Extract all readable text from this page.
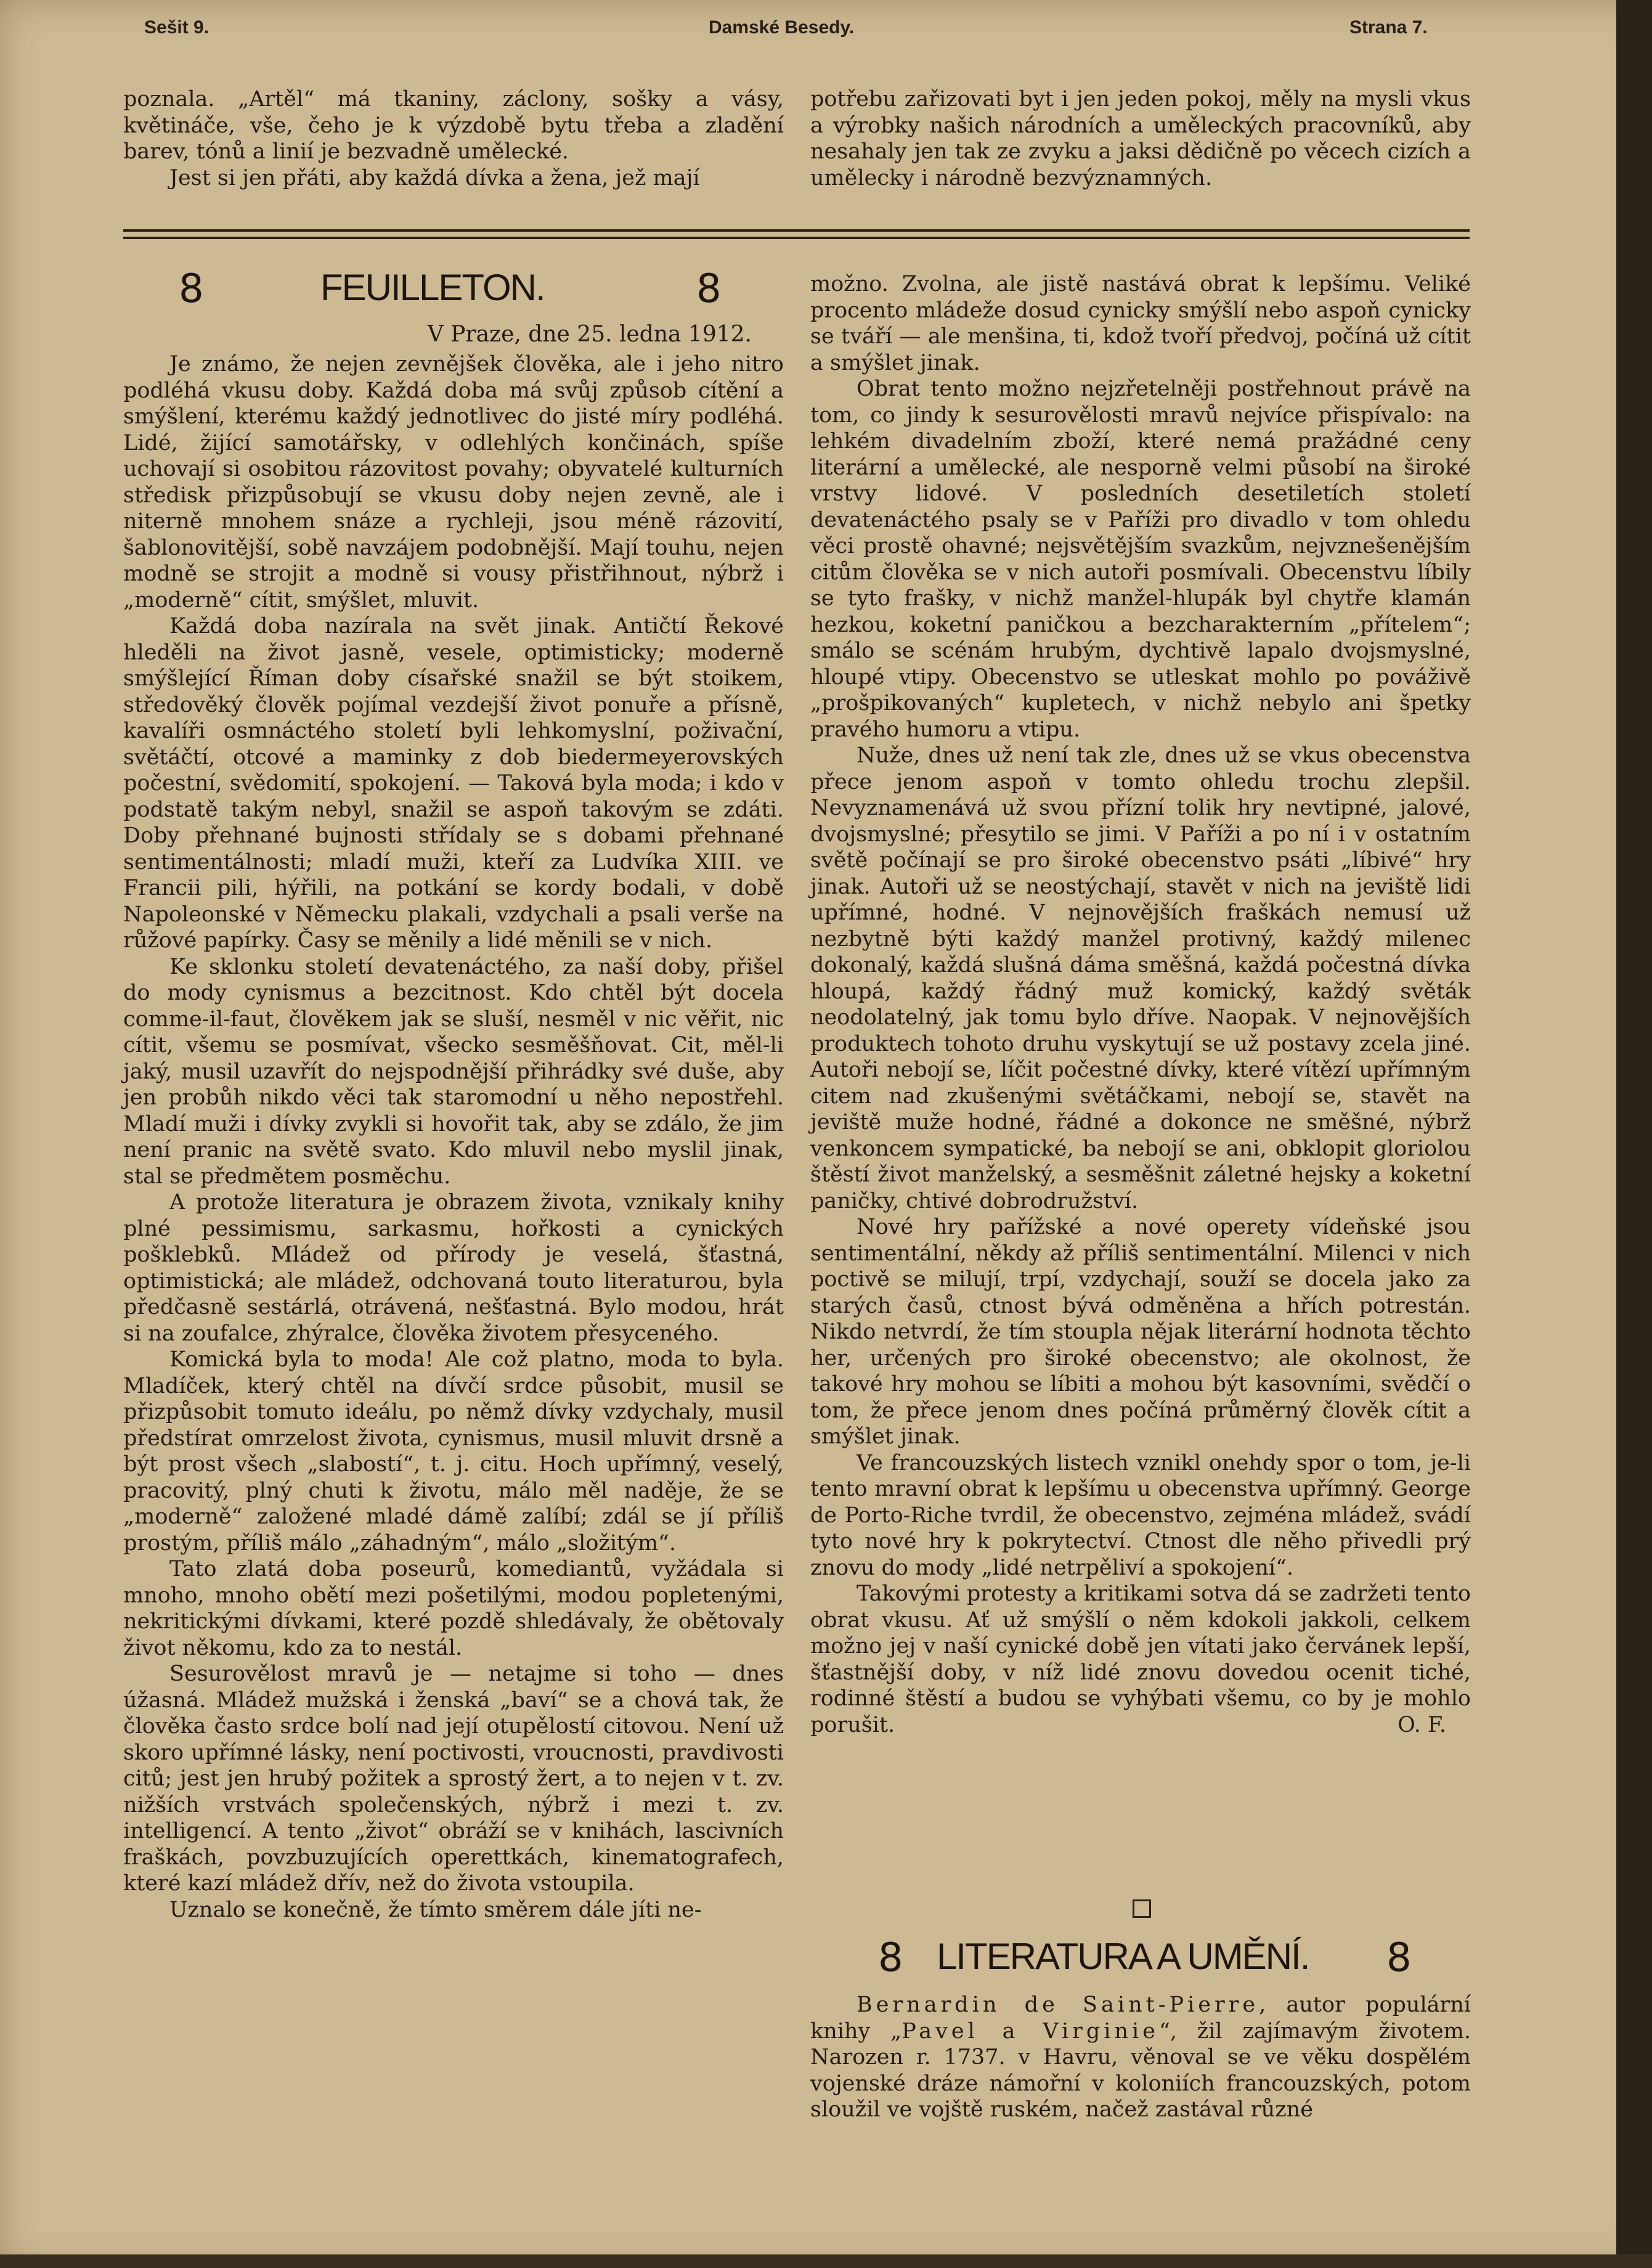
Sešit 9.	Damské Besedy.	Strana 7.

poznala. „Artěl“ má tkaniny, záclony, sošky a vásy, květináče, vše, čeho je k výzdobě bytu třeba a zladění barev, tónů a linií je bezvadně umělecké.

Jest si jen přáti, aby každá dívka a žena, jež mají

potřebu zařizovati byt i jen jeden pokoj, měly na mysli vkus a výrobky našich národních a uměleckých pracovníků, aby nesahaly jen tak ze zvyku a jaksi dědičně po věcech cizích a umělecky i národně bezvýznamných.

8	FEUILLETON.	8
V Praze, dne 25. ledna 1912.

Je známo, že nejen zevnějšek člověka, ale i jeho nitro podléhá vkusu doby. Každá doba má svůj způsob cítění a smýšlení, kterému každý jednotlivec do jisté míry podléhá. Lidé, žijící samotářsky, v odlehlých končinách, spíše uchovají si osobitou rázovitost povahy; obyvatelé kulturních středisk přizpůsobují se vkusu doby nejen zevně, ale i niterně mnohem snáze a rychleji, jsou méně rázovití, šablonovitější, sobě navzájem podobnější. Mají touhu, nejen modně se strojit a modně si vousy přistřihnout, nýbrž i „moderně“ cítit, smýšlet, mluvit.

Každá doba nazírala na svět jinak. Antičtí Řekové hleděli na život jasně, vesele, optimisticky; moderně smýšlející Říman doby císařské snažil se být stoikem, středověký člověk pojímal vezdejší život ponuře a přísně, kavalíři osmnáctého století byli lehkomyslní, poživační, světáčtí, otcové a maminky z dob biedermeyerovských počestní, svědomití, spokojení. — Taková byla moda; i kdo v podstatě takým nebyl, snažil se aspoň takovým se zdáti. Doby přehnané bujnosti střídaly se s dobami přehnané sentimentálnosti; mladí muži, kteří za Ludvíka XIII. ve Francii pili, hýřili, na potkání se kordy bodali, v době Napoleonské v Německu plakali, vzdychali a psali verše na růžové papírky. Časy se měnily a lidé měnili se v nich.

Ke sklonku století devatenáctého, za naší doby, přišel do mody cynismus a bezcitnost. Kdo chtěl být docela comme-il-faut, člověkem jak se sluší, nesměl v nic věřit, nic cítit, všemu se posmívat, všecko sesměšňovat. Cit, měl-li jaký, musil uzavřít do nejspodnější přihrádky své duše, aby jen probůh nikdo věci tak staromodní u něho nepostřehl. Mladí muži i dívky zvykli si hovořit tak, aby se zdálo, že jim není pranic na světě svato. Kdo mluvil nebo myslil jinak, stal se předmětem posměchu.

A protože literatura je obrazem života, vznikaly knihy plné pessimismu, sarkasmu, hořkosti a cynických pošklebků. Mládež od přírody je veselá, šťastná, optimistická; ale mládež, odchovaná touto literaturou, byla předčasně sestárlá, otrávená, nešťastná. Bylo modou, hrát si na zoufalce, zhýralce, člověka životem přesyceného.

Komická byla to moda! Ale což platno, moda to byla. Mladíček, který chtěl na dívčí srdce působit, musil se přizpůsobit tomuto ideálu, po němž dívky vzdychaly, musil předstírat omrzelost života, cynismus, musil mluvit drsně a být prost všech „slabostí“, t. j. citu. Hoch upřímný, veselý, pracovitý, plný chuti k životu, málo měl naděje, že se „moderně“ založené mladé dámě zalíbí; zdál se jí příliš prostým, příliš málo „záhadným“, málo „složitým“.

Tato zlatá doba poseurů, komediantů, vyžádala si mnoho, mnoho obětí mezi pošetilými, modou popletenými, nekritickými dívkami, které pozdě shledávaly, že obětovaly život někomu, kdo za to nestál.

Sesurovělost mravů je — netajme si toho — dnes úžasná. Mládež mužská i ženská „baví“ se a chová tak, že člověka často srdce bolí nad její otupělostí citovou. Není už skoro upřímné lásky, není poctivosti, vroucnosti, pravdivosti citů; jest jen hrubý požitek a sprostý žert, a to nejen v t. zv. nižších vrstvách společenských, nýbrž i mezi t. zv. intelligencí. A tento „život“ obráží se v knihách, lascivních fraškách, povzbuzujících operettkách, kinematografech, které kazí mládež dřív, než do života vstoupila.

Uznalo se konečně, že tímto směrem dále jíti ne-

možno. Zvolna, ale jistě nastává obrat k lepšímu. Veliké procento mládeže dosud cynicky smýšlí nebo aspoň cynicky se tváří — ale menšina, ti, kdož tvoří předvoj, počíná už cítit a smýšlet jinak.

Obrat tento možno nejzřetelněji postřehnout právě na tom, co jindy k sesurovělosti mravů nejvíce přispívalo: na lehkém divadelním zboží, které nemá pražádné ceny literární a umělecké, ale nesporně velmi působí na široké vrstvy lidové. V posledních desetiletích století devatenáctého psaly se v Paříži pro divadlo v tom ohledu věci prostě ohavné; nejsvětějším svazkům, nejvznešenějším citům člověka se v nich autoři posmívali. Obecenstvu líbily se tyto frašky, v nichž manžel-hlupák byl chytře klamán hezkou, koketní paničkou a bezcharakterním „přítelem“; smálo se scénám hrubým, dychtivě lapalo dvojsmyslné, hloupé vtipy. Obecenstvo se utleskat mohlo po pováživě „prošpikovaných“ kupletech, v nichž nebylo ani špetky pravého humoru a vtipu.

Nuže, dnes už není tak zle, dnes už se vkus obecenstva přece jenom aspoň v tomto ohledu trochu zlepšil. Nevyznamenává už svou přízní tolik hry nevtipné, jalové, dvojsmyslné; přesytilo se jimi. V Paříži a po ní i v ostatním světě počínají se pro široké obecenstvo psáti „líbivé“ hry jinak. Autoři už se neostýchají, stavět v nich na jeviště lidi upřímné, hodné. V nejnovějších fraškách nemusí už nezbytně býti každý manžel protivný, každý milenec dokonalý, každá slušná dáma směšná, každá počestná dívka hloupá, každý řádný muž komický, každý světák neodolatelný, jak tomu bylo dříve. Naopak. V nejnovějších produktech tohoto druhu vyskytují se už postavy zcela jiné. Autoři nebojí se, líčit počestné dívky, které vítězí upřímným citem nad zkušenými světáčkami, nebojí se, stavět na jeviště muže hodné, řádné a dokonce ne směšné, nýbrž venkoncem sympatické, ba nebojí se ani, obklopit gloriolou štěstí život manželský, a sesměšnit záletné hejsky a koketní paničky, chtivé dobrodružství.

Nové hry pařížské a nové operety vídeňské jsou sentimentální, někdy až příliš sentimentální. Milenci v nich poctivě se milují, trpí, vzdychají, souží se docela jako za starých časů, ctnost bývá odměněna a hřích potrestán. Nikdo netvrdí, že tím stoupla nějak literární hodnota těchto her, určených pro široké obecenstvo; ale okolnost, že takové hry mohou se líbiti a mohou být kasovními, svědčí o tom, že přece jenom dnes počíná průměrný člověk cítit a smýšlet jinak.

Ve francouzských listech vznikl onehdy spor o tom, je-li tento mravní obrat k lepšímu u obecenstva upřímný. George de Porto-Riche tvrdil, že obecenstvo, zejména mládež, svádí tyto nové hry k pokrytectví. Ctnost dle něho přivedli prý znovu do mody „lidé netrpěliví a spokojení“.

Takovými protesty a kritikami sotva dá se zadržeti tento obrat vkusu. Ať už smýšlí o něm kdokoli jakkoli, celkem možno jej v naší cynické době jen vítati jako červánek lepší, šťastnější doby, v níž lidé znovu dovedou ocenit tiché, rodinné štěstí a budou se vyhýbati všemu, co by je mohlo porušit.	O. F.
8 LITERATURA A UMĚNÍ. 8

Bernardin de Saint-Pierre, autor populární knihy „Pavel a Virginie“, žil zajímavým životem. Narozen r. 1737. v Havru, věnoval se ve věku dospělém vojenské dráze námořní v koloniích francouzských, potom sloužil ve vojště ruském, načež zastával různé
